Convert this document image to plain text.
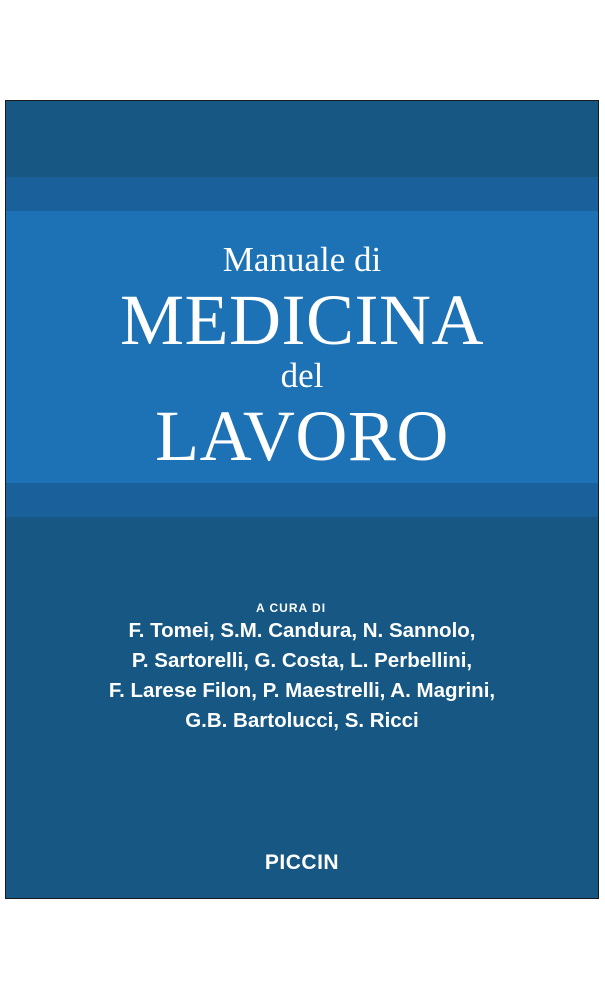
Manuale di
MEDICINA
del
LAVORO
A CURA DI
F. Tomei, S.M. Candura, N. Sannolo,
P. Sartorelli, G. Costa, L. Perbellini,
F. Larese Filon, P. Maestrelli, A. Magrini,
G.B. Bartolucci, S. Ricci
PICCIN
